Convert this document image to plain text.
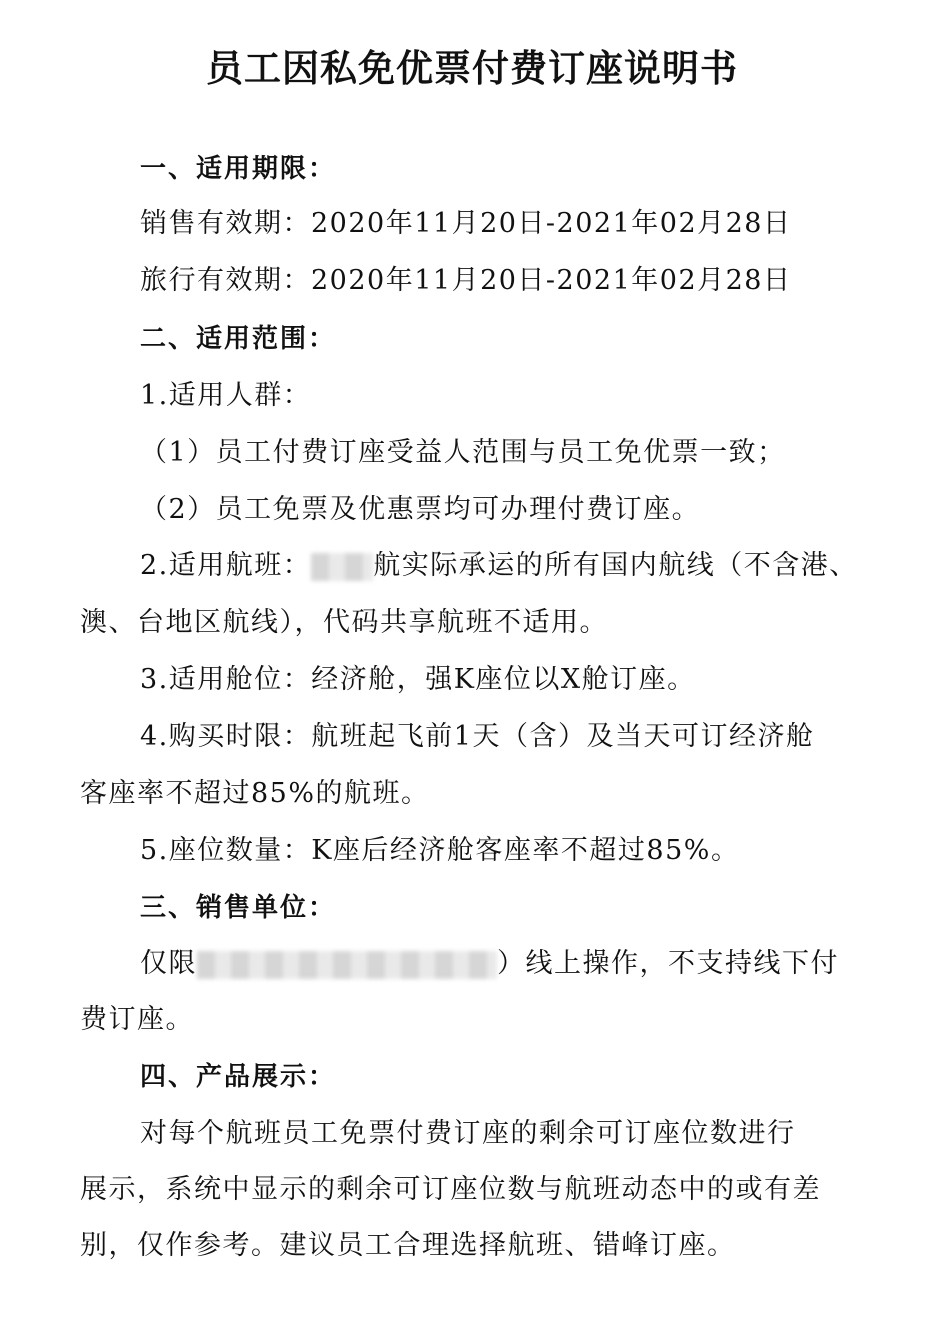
员工因私免优票付费订座说明书
一、适用期限：
销售有效期：2020年11月20日-2021年02月28日
旅行有效期：2020年11月20日-2021年02月28日
二、适用范围：
1.适用人群：
（1）员工付费订座受益人范围与员工免优票一致；
（2）员工免票及优惠票均可办理付费订座。
2.适用航班： 航实际承运的所有国内航线（不含港、
澳、台地区航线），代码共享航班不适用。
3.适用舱位：经济舱，强K座位以X舱订座。
4.购买时限：航班起飞前1天（含）及当天可订经济舱
客座率不超过85%的航班。
5.座位数量：K座后经济舱客座率不超过85%。
三、销售单位：
仅限	）线上操作，不支持线下付
费订座。
四、产品展示：
对每个航班员工免票付费订座的剩余可订座位数进行
展示，系统中显示的剩余可订座位数与航班动态中的或有差
别，仅作参考。建议员工合理选择航班、错峰订座。
